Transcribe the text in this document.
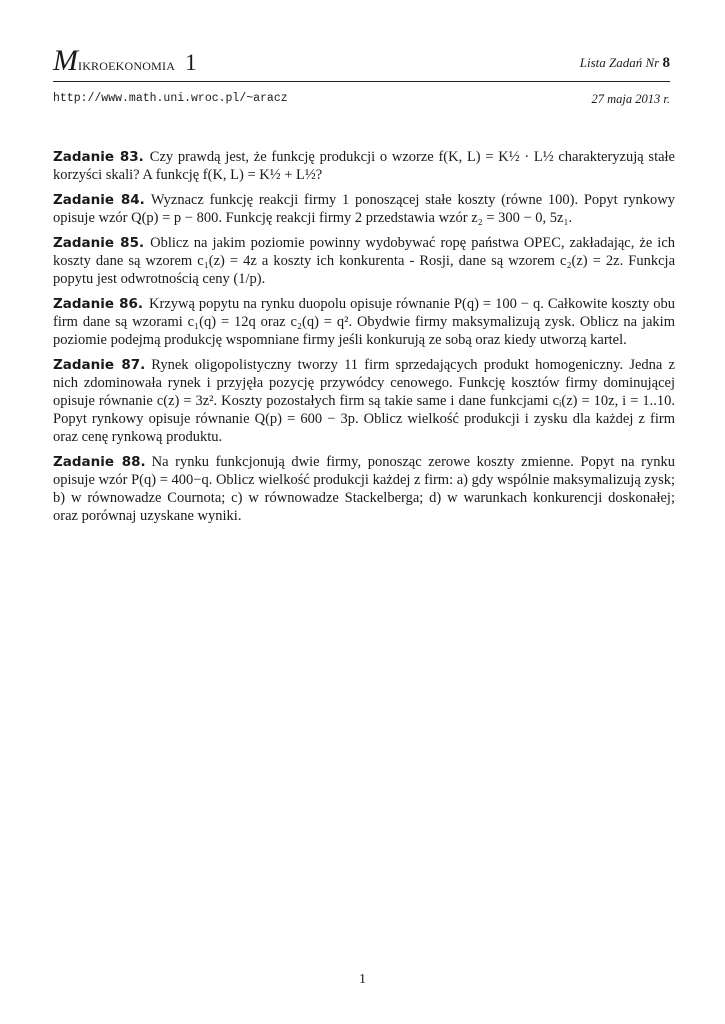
Mikroekonomia 1	Lista Zadań Nr 8
http://www.math.uni.wroc.pl/~aracz	27 maja 2013 r.
Zadanie 83. Czy prawdą jest, że funkcję produkcji o wzorze f(K, L) = K½ · L½ charakteryzują stałe korzyści skali? A funkcję f(K, L) = K½ + L½?
Zadanie 84. Wyznacz funkcję reakcji firmy 1 ponoszącej stałe koszty (równe 100). Popyt rynkowy opisuje wzór Q(p) = p − 800. Funkcję reakcji firmy 2 przedstawia wzór z₂ = 300 − 0, 5z₁.
Zadanie 85. Oblicz na jakim poziomie powinny wydobywać ropę państwa OPEC, zakładając, że ich koszty dane są wzorem c₁(z) = 4z a koszty ich konkurenta - Rosji, dane są wzorem c₂(z) = 2z. Funkcja popytu jest odwrotnością ceny (1/p).
Zadanie 86. Krzywą popytu na rynku duopolu opisuje równanie P(q) = 100 − q. Całkowite koszty obu firm dane są wzorami c₁(q) = 12q oraz c₂(q) = q². Obydwie firmy maksymalizują zysk. Oblicz na jakim poziomie podejmą produkcję wspomniane firmy jeśli konkurują ze sobą oraz kiedy utworzą kartel.
Zadanie 87. Rynek oligopolistyczny tworzy 11 firm sprzedających produkt homogeniczny. Jedna z nich zdominowała rynek i przyjęła pozycję przywódcy cenowego. Funkcję kosztów firmy dominującej opisuje równanie c(z) = 3z². Koszty pozostałych firm są takie same i dane funkcjami cᵢ(z) = 10z, i = 1..10. Popyt rynkowy opisuje równanie Q(p) = 600 − 3p. Oblicz wielkość produkcji i zysku dla każdej z firm oraz cenę rynkową produktu.
Zadanie 88. Na rynku funkcjonują dwie firmy, ponosząc zerowe koszty zmienne. Popyt na rynku opisuje wzór P(q) = 400−q. Oblicz wielkość produkcji każdej z firm: a) gdy wspólnie maksymalizują zysk; b) w równowadze Cournota; c) w równowadze Stackelberga; d) w warunkach konkurencji doskonałej; oraz porównaj uzyskane wyniki.
1
